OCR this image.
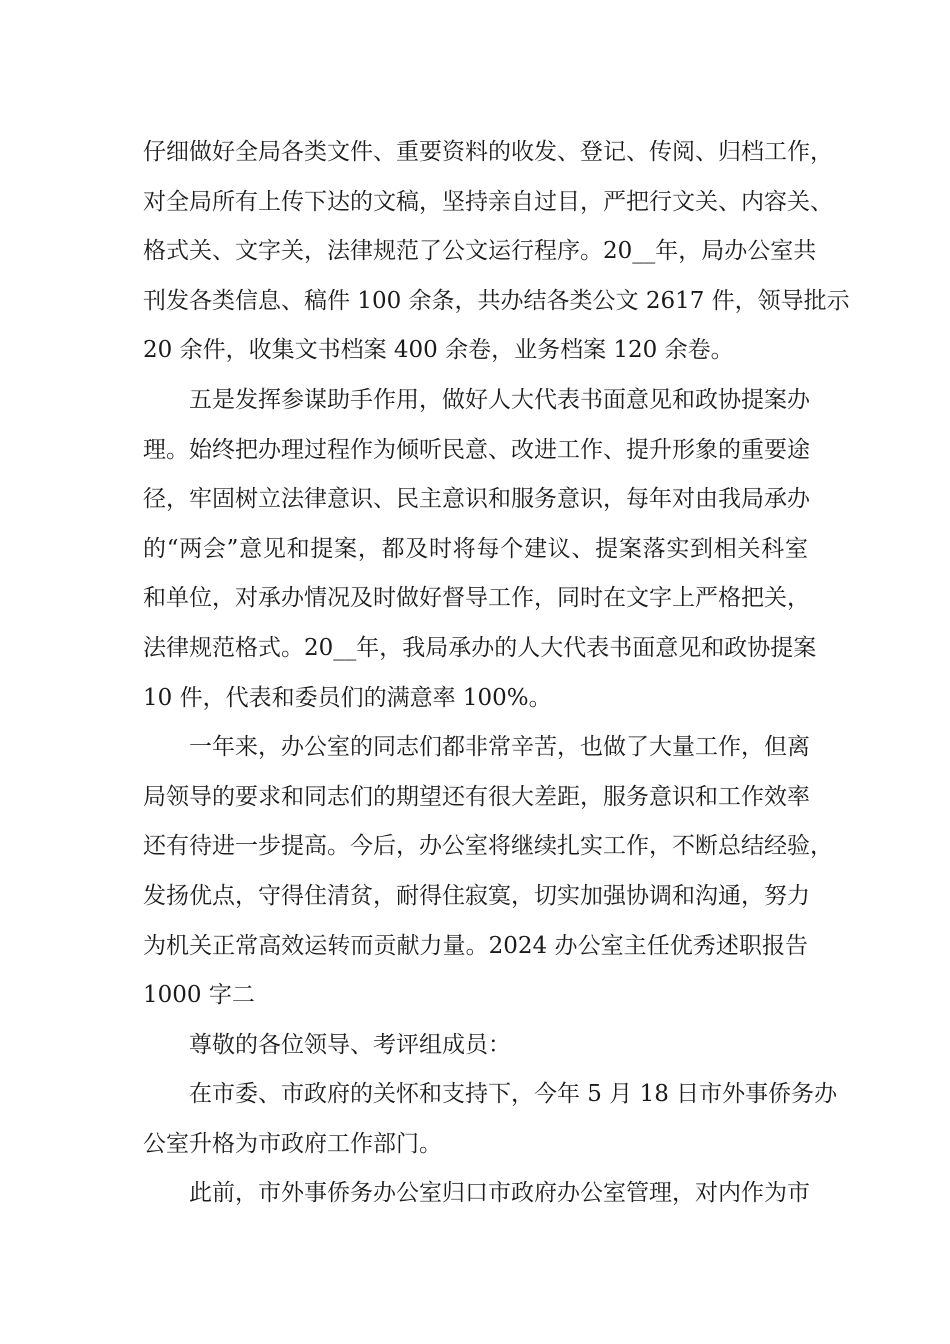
仔细做好全局各类文件、重要资料的收发、登记、传阅、归档工作，
对全局所有上传下达的文稿，坚持亲自过目，严把行文关、内容关、
格式关、文字关，法律规范了公文运行程序。20__年，局办公室共
刊发各类信息、稿件 100 余条，共办结各类公文 2617 件，领导批示
20 余件，收集文书档案 400 余卷，业务档案 120 余卷。
五是发挥参谋助手作用，做好人大代表书面意见和政协提案办
理。始终把办理过程作为倾听民意、改进工作、提升形象的重要途
径，牢固树立法律意识、民主意识和服务意识，每年对由我局承办
的“两会”意见和提案，都及时将每个建议、提案落实到相关科室
和单位，对承办情况及时做好督导工作，同时在文字上严格把关，
法律规范格式。20__年，我局承办的人大代表书面意见和政协提案
10 件，代表和委员们的满意率 100%。
一年来，办公室的同志们都非常辛苦，也做了大量工作，但离
局领导的要求和同志们的期望还有很大差距，服务意识和工作效率
还有待进一步提高。今后，办公室将继续扎实工作，不断总结经验，
发扬优点，守得住清贫，耐得住寂寞，切实加强协调和沟通，努力
为机关正常高效运转而贡献力量。2024 办公室主任优秀述职报告
1000 字二
尊敬的各位领导、考评组成员：
在市委、市政府的关怀和支持下，今年 5 月 18 日市外事侨务办
公室升格为市政府工作部门。
此前，市外事侨务办公室归口市政府办公室管理，对内作为市
